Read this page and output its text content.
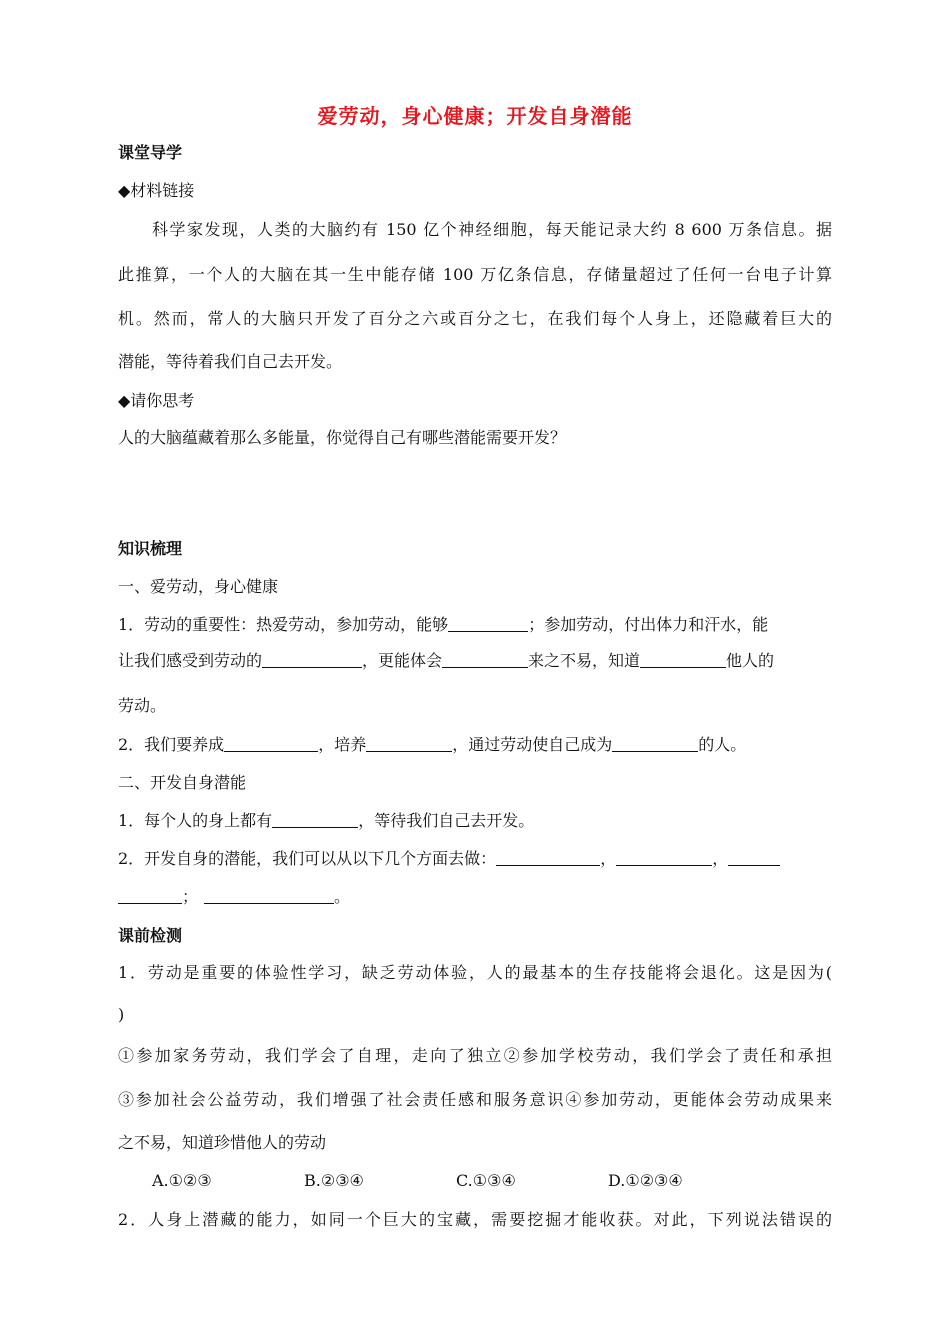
爱劳动，身心健康；开发自身潜能
课堂导学
◆材料链接
科学家发现，人类的大脑约有 150 亿个神经细胞，每天能记录大约 8 600 万条信息。据
此推算，一个人的大脑在其一生中能存储 100 万亿条信息，存储量超过了任何一台电子计算
机。然而，常人的大脑只开发了百分之六或百分之七，在我们每个人身上，还隐藏着巨大的
潜能，等待着我们自己去开发。
◆请你思考
人的大脑蕴藏着那么多能量，你觉得自己有哪些潜能需要开发？
知识梳理
一、爱劳动，身心健康
1．劳动的重要性：热爱劳动，参加劳动，能够	；参加劳动，付出体力和汗水，能
让我们感受到劳动的	，更能体会	来之不易，知道	他人的
劳动。
2．我们要养成	，培养	，通过劳动使自己成为	的人。
二、开发自身潜能
1．每个人的身上都有	，等待我们自己去开发。
2．开发自身的潜能，我们可以从以下几个方面去做：	，	，
；	。
课前检测
1．劳动是重要的体验性学习，缺乏劳动体验，人的最基本的生存技能将会退化。这是因为(
)
①参加家务劳动，我们学会了自理，走向了独立②参加学校劳动，我们学会了责任和承担
③参加社会公益劳动，我们增强了社会责任感和服务意识④参加劳动，更能体会劳动成果来
之不易，知道珍惜他人的劳动
A.①②③	B.②③④	C.①③④	D.①②③④
2．人身上潜藏的能力，如同一个巨大的宝藏，需要挖掘才能收获。对此，下列说法错误的
